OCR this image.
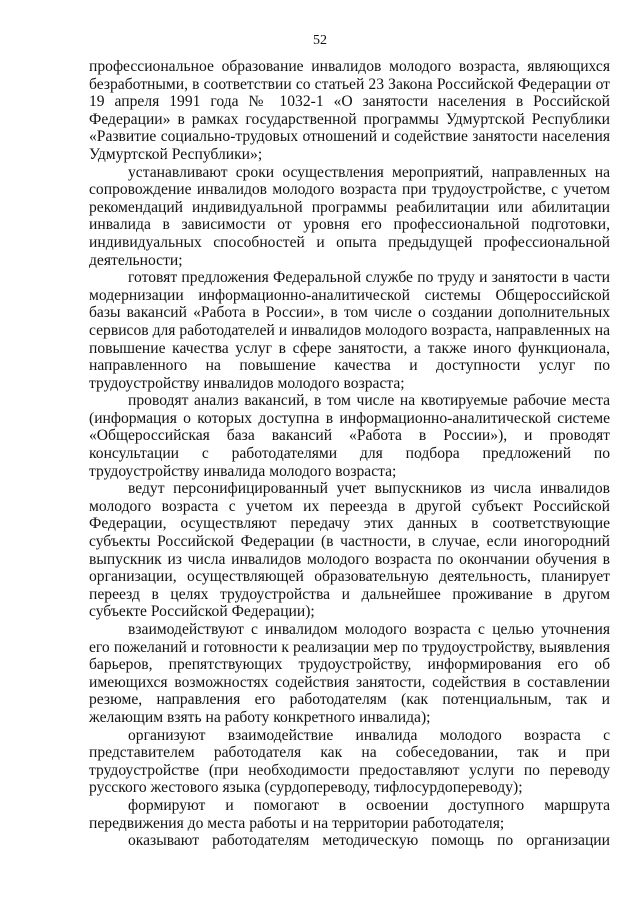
52

профессиональное образование инвалидов молодого возраста, являющихся безработными, в соответствии со статьей 23 Закона Российской Федерации от 19 апреля 1991 года № 1032-1 «О занятости населения в Российской Федерации» в рамках государственной программы Удмуртской Республики «Развитие социально-трудовых отношений и содействие занятости населения Удмуртской Республики»;

устанавливают сроки осуществления мероприятий, направленных на сопровождение инвалидов молодого возраста при трудоустройстве, с учетом рекомендаций индивидуальной программы реабилитации или абилитации инвалида в зависимости от уровня его профессиональной подготовки, индивидуальных способностей и опыта предыдущей профессиональной деятельности;

готовят предложения Федеральной службе по труду и занятости в части модернизации информационно-аналитической системы Общероссийской базы вакансий «Работа в России», в том числе о создании дополнительных сервисов для работодателей и инвалидов молодого возраста, направленных на повышение качества услуг в сфере занятости, а также иного функционала, направленного на повышение качества и доступности услуг по трудоустройству инвалидов молодого возраста;

проводят анализ вакансий, в том числе на квотируемые рабочие места (информация о которых доступна в информационно-аналитической системе «Общероссийская база вакансий «Работа в России»), и проводят консультации с работодателями для подбора предложений по трудоустройству инвалида молодого возраста;

ведут персонифицированный учет выпускников из числа инвалидов молодого возраста с учетом их переезда в другой субъект Российской Федерации, осуществляют передачу этих данных в соответствующие субъекты Российской Федерации (в частности, в случае, если иногородний выпускник из числа инвалидов молодого возраста по окончании обучения в организации, осуществляющей образовательную деятельность, планирует переезд в целях трудоустройства и дальнейшее проживание в другом субъекте Российской Федерации);

взаимодействуют с инвалидом молодого возраста с целью уточнения его пожеланий и готовности к реализации мер по трудоустройству, выявления барьеров, препятствующих трудоустройству, информирования его об имеющихся возможностях содействия занятости, содействия в составлении резюме, направления его работодателям (как потенциальным, так и желающим взять на работу конкретного инвалида);

организуют взаимодействие инвалида молодого возраста с представителем работодателя как на собеседовании, так и при трудоустройстве (при необходимости предоставляют услуги по переводу русского жестового языка (сурдопереводу, тифлосурдопереводу);

формируют и помогают в освоении доступного маршрута передвижения до места работы и на территории работодателя;

оказывают работодателям методическую помощь по организации
